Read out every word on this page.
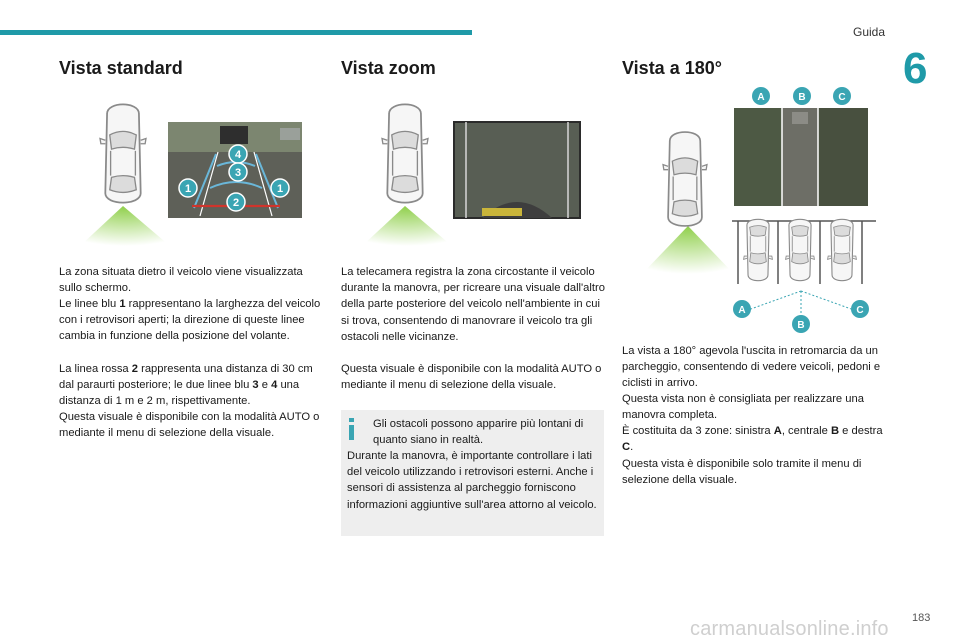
Guida
6
Vista standard	Vista zoom	Vista a 180°
4
3
1	1
2
A	B	C
A
B
C

La zona situata dietro il veicolo viene visualizzata sullo schermo.

Le linee blu 1 rappresentano la larghezza del veicolo con i retrovisori aperti; la direzione di queste linee cambia in funzione della posizione del volante.

La linea rossa 2 rappresenta una distanza di 30 cm dal paraurti posteriore; le due linee blu 3 e 4 una distanza di 1 m e 2 m, rispettivamente.

Questa visuale è disponibile con la modalità AUTO o mediante il menu di selezione della visuale.

La telecamera registra la zona circostante il veicolo durante la manovra, per ricreare una visuale dall'altro della parte posteriore del veicolo nell'ambiente in cui si trova, consentendo di manovrare il veicolo tra gli ostacoli nelle vicinanze.

Questa visuale è disponibile con la modalità AUTO o mediante il menu di selezione della visuale.

Gli ostacoli possono apparire più lontani di quanto siano in realtà.

Durante la manovra, è importante controllare i lati del veicolo utilizzando i retrovisori esterni. Anche i sensori di assistenza al parcheggio forniscono informazioni aggiuntive sull'area attorno al veicolo.

La vista a 180° agevola l'uscita in retromarcia da un parcheggio, consentendo di vedere veicoli, pedoni e ciclisti in arrivo.

Questa vista non è consigliata per realizzare una manovra completa.

È costituita da 3 zone: sinistra A, centrale B e destra C.

Questa vista è disponibile solo tramite il menu di selezione della visuale.

carmanualsonline.info 183
